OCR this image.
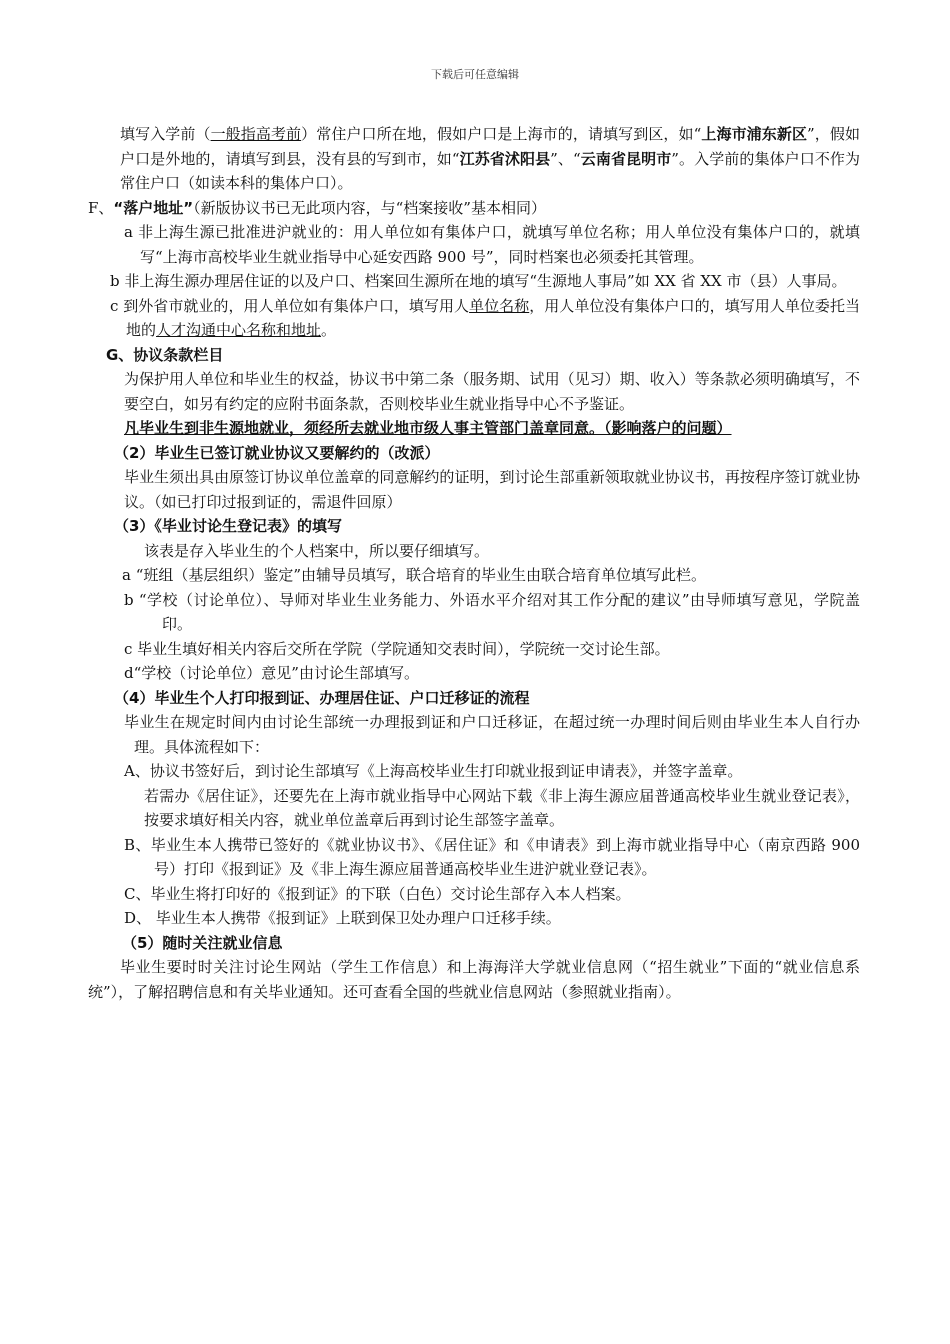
下载后可任意编辑

填写入学前（一般指高考前）常住户口所在地，假如户口是上海市的，请填写到区，如“上海市浦东新区”，假如户口是外地的，请填写到县，没有县的写到市，如“江苏省沭阳县”、“云南省昆明市”。入学前的集体户口不作为常住户口（如读本科的集体户口）。

F、“落户地址”（新版协议书已无此项内容，与“档案接收”基本相同）

a 非上海生源已批准进沪就业的：用人单位如有集体户口，就填写单位名称；用人单位没有集体户口的，就填写“上海市高校毕业生就业指导中心延安西路 900 号”，同时档案也必须委托其管理。

b 非上海生源办理居住证的以及户口、档案回生源所在地的填写“生源地人事局”如 XX 省 XX 市（县）人事局。

c 到外省市就业的，用人单位如有集体户口，填写用人单位名称，用人单位没有集体户口的，填写用人单位委托当地的人才沟通中心名称和地址。

G、协议条款栏目

为保护用人单位和毕业生的权益，协议书中第二条（服务期、试用（见习）期、收入）等条款必须明确填写，不要空白，如另有约定的应附书面条款，否则校毕业生就业指导中心不予鉴证。

凡毕业生到非生源地就业，须经所去就业地市级人事主管部门盖章同意。（影响落户的问题）

（2）毕业生已签订就业协议又要解约的（改派）

毕业生须出具由原签订协议单位盖章的同意解约的证明，到讨论生部重新领取就业协议书，再按程序签订就业协议。（如已打印过报到证的，需退件回原）

（3）《毕业讨论生登记表》的填写

该表是存入毕业生的个人档案中，所以要仔细填写。

a “班组（基层组织）鉴定”由辅导员填写，联合培育的毕业生由联合培育单位填写此栏。

b “学校（讨论单位）、导师对毕业生业务能力、外语水平介绍对其工作分配的建议”由导师填写意见，学院盖印。

c 毕业生填好相关内容后交所在学院（学院通知交表时间），学院统一交讨论生部。

d“学校（讨论单位）意见”由讨论生部填写。

（4）毕业生个人打印报到证、办理居住证、户口迁移证的流程

毕业生在规定时间内由讨论生部统一办理报到证和户口迁移证，在超过统一办理时间后则由毕业生本人自行办理。具体流程如下：

A、协议书签好后，到讨论生部填写《上海高校毕业生打印就业报到证申请表》，并签字盖章。

若需办《居住证》，还要先在上海市就业指导中心网站下载《非上海生源应届普通高校毕业生就业登记表》，按要求填好相关内容，就业单位盖章后再到讨论生部签字盖章。

B、毕业生本人携带已签好的《就业协议书》、《居住证》和《申请表》到上海市就业指导中心（南京西路 900 号）打印《报到证》及《非上海生源应届普通高校毕业生进沪就业登记表》。

C、毕业生将打印好的《报到证》的下联（白色）交讨论生部存入本人档案。

D、 毕业生本人携带《报到证》上联到保卫处办理户口迁移手续。

（5）随时关注就业信息

毕业生要时时关注讨论生网站（学生工作信息）和上海海洋大学就业信息网（“招生就业”下面的“就业信息系统”），了解招聘信息和有关毕业通知。还可查看全国的些就业信息网站（参照就业指南）。
